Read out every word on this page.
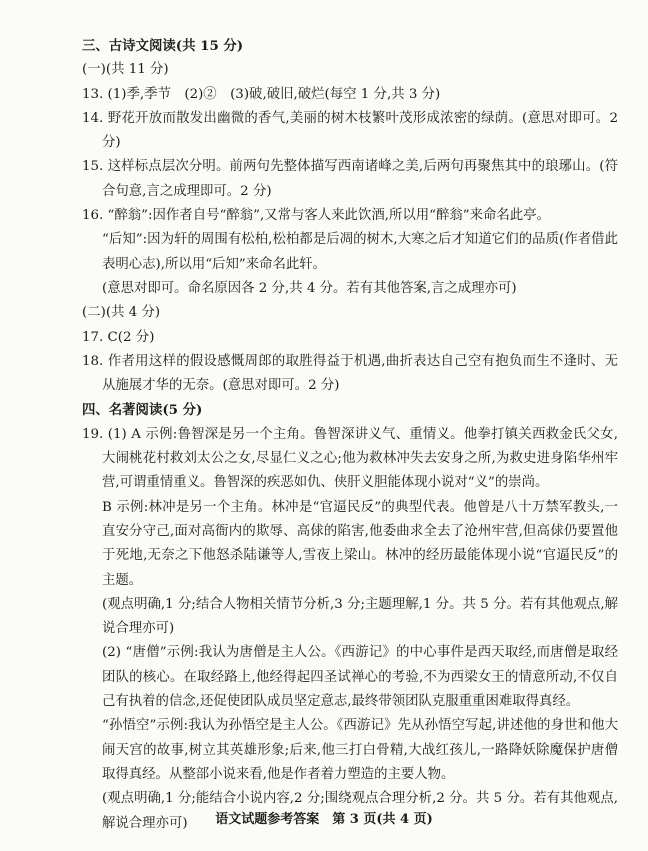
三、古诗文阅读(共 15 分)
(一)(共 11 分)
13. (1)季,季节　(2)②　(3)破,破旧,破烂(每空 1 分,共 3 分)
14. 野花开放而散发出幽微的香气,美丽的树木枝繁叶茂形成浓密的绿荫。(意思对即可。2 分)
15. 这样标点层次分明。前两句先整体描写西南诸峰之美,后两句再聚焦其中的琅琊山。(符合句意,言之成理即可。2 分)
16. “醉翁”:因作者自号“醉翁”,又常与客人来此饮酒,所以用“醉翁”来命名此亭。
“后知”:因为轩的周围有松柏,松柏都是后凋的树木,大寒之后才知道它们的品质(作者借此表明心志),所以用“后知”来命名此轩。
(意思对即可。命名原因各 2 分,共 4 分。若有其他答案,言之成理亦可)
(二)(共 4 分)
17. C(2 分)
18. 作者用这样的假设感慨周郎的取胜得益于机遇,曲折表达自己空有抱负而生不逢时、无从施展才华的无奈。(意思对即可。2 分)
四、名著阅读(5 分)
19. (1) A 示例:鲁智深是另一个主角。鲁智深讲义气、重情义。他拳打镇关西救金氏父女,大闹桃花村救刘太公之女,尽显仁义之心;他为救林冲失去安身之所,为救史进身陷华州牢营,可谓重情重义。鲁智深的疾恶如仇、侠肝义胆能体现小说对“义”的崇尚。
B 示例:林冲是另一个主角。林冲是“官逼民反”的典型代表。他曾是八十万禁军教头,一直安分守己,面对高衙内的欺辱、高俅的陷害,他委曲求全去了沧州牢营,但高俅仍要置他于死地,无奈之下他怒杀陆谦等人,雪夜上梁山。林冲的经历最能体现小说“官逼民反”的主题。
(观点明确,1 分;结合人物相关情节分析,3 分;主题理解,1 分。共 5 分。若有其他观点,解说合理亦可)
(2) “唐僧”示例:我认为唐僧是主人公。《西游记》的中心事件是西天取经,而唐僧是取经团队的核心。在取经路上,他经得起四圣试禅心的考验,不为西梁女王的情意所动,不仅自己有执着的信念,还促使团队成员坚定意志,最终带领团队克服重重困难取得真经。
“孙悟空”示例:我认为孙悟空是主人公。《西游记》先从孙悟空写起,讲述他的身世和他大闹天宫的故事,树立其英雄形象;后来,他三打白骨精,大战红孩儿,一路降妖除魔保护唐僧取得真经。从整部小说来看,他是作者着力塑造的主要人物。
(观点明确,1 分;能结合小说内容,2 分;围绕观点合理分析,2 分。共 5 分。若有其他观点,解说合理亦可)	语文试题参考答案　第 3 页(共 4 页)
